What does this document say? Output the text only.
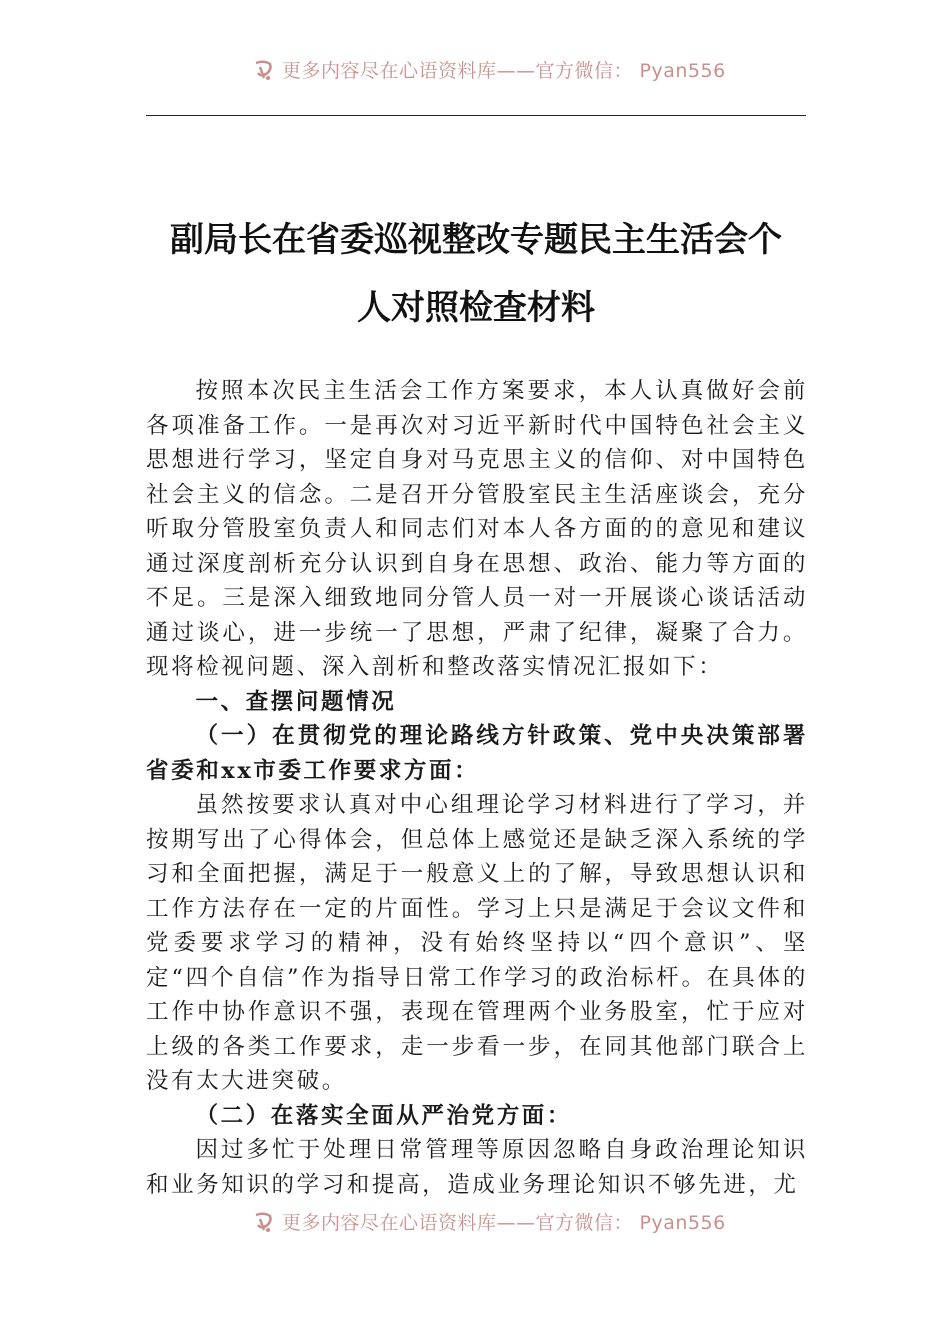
更多内容尽在心语资料库——官方微信： Pyan556
副局长在省委巡视整改专题民主生活会个
人对照检查材料

按照本次民主生活会工作方案要求，本人认真做好会前各项准备工作。一是再次对习近平新时代中国特色社会主义思想进行学习，坚定自身对马克思主义的信仰、对中国特色社会主义的信念。二是召开分管股室民主生活座谈会，充分听取分管股室负责人和同志们对本人各方面的的意见和建议通过深度剖析充分认识到自身在思想、政治、能力等方面的不足。三是深入细致地同分管人员一对一开展谈心谈话活动通过谈心，进一步统一了思想，严肃了纪律，凝聚了合力。现将检视问题、深入剖析和整改落实情况汇报如下：

一、查摆问题情况

（一）在贯彻党的理论路线方针政策、党中央决策部署省委和xx市委工作要求方面：

虽然按要求认真对中心组理论学习材料进行了学习，并按期写出了心得体会，但总体上感觉还是缺乏深入系统的学习和全面把握，满足于一般意义上的了解，导致思想认识和工作方法存在一定的片面性。学习上只是满足于会议文件和党委要求学习的精神，没有始终坚持以“四个意识”、坚定“四个自信”作为指导日常工作学习的政治标杆。在具体的工作中协作意识不强，表现在管理两个业务股室，忙于应对上级的各类工作要求，走一步看一步，在同其他部门联合上没有太大进突破。

（二）在落实全面从严治党方面：

因过多忙于处理日常管理等原因忽略自身政治理论知识和业务知识的学习和提高，造成业务理论知识不够先进，尤

更多内容尽在心语资料库——官方微信： Pyan556
